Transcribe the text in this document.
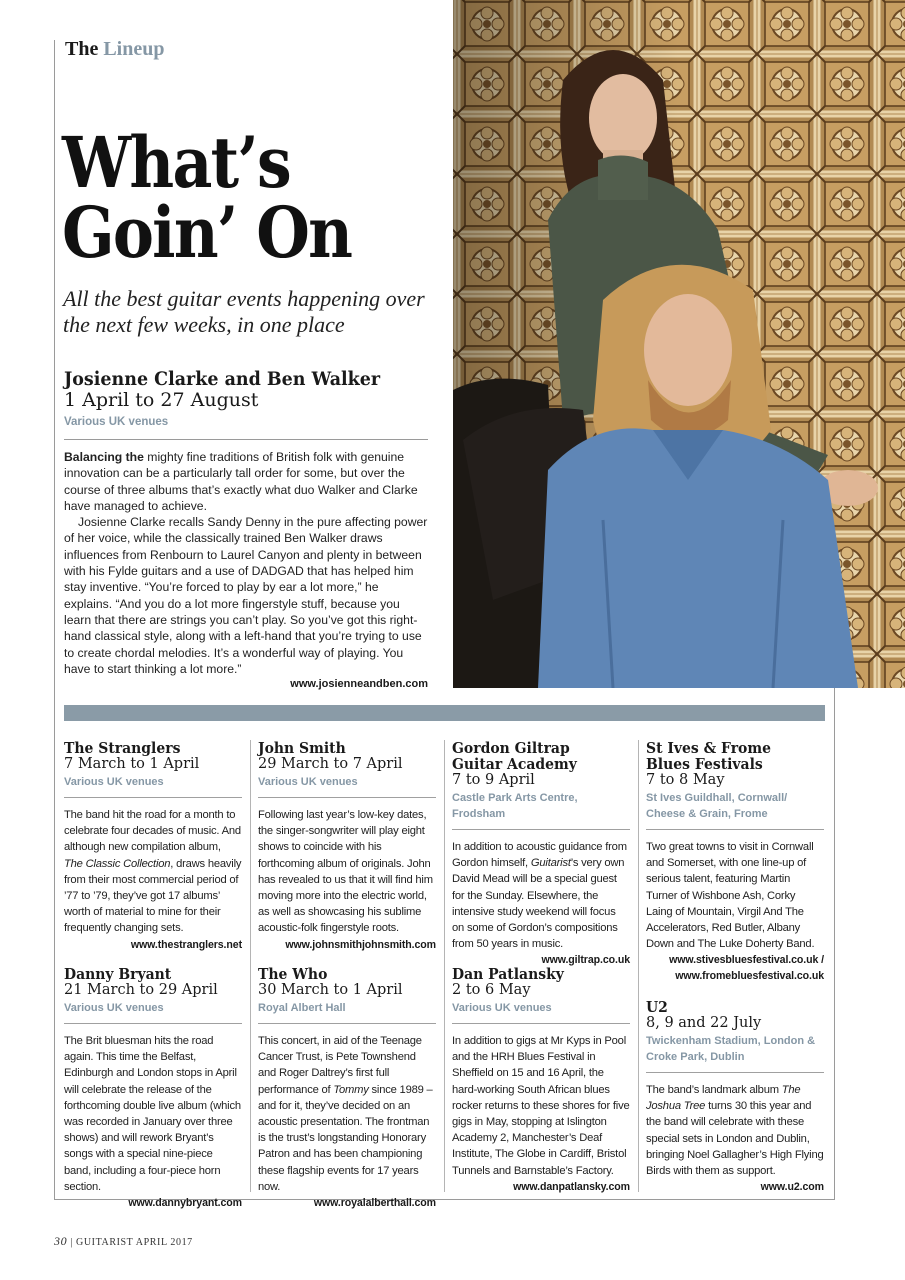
The Lineup
What’s
Goin’ On
All the best guitar events happening over the next few weeks, in one place
Josienne Clarke and Ben Walker
1 April to 27 August
Various UK venues

Balancing the mighty fine traditions of British folk with genuine innovation can be a particularly tall order for some, but over the course of three albums that’s exactly what duo Walker and Clarke have managed to achieve.

Josienne Clarke recalls Sandy Denny in the pure affecting power of her voice, while the classically trained Ben Walker draws influences from Renbourn to Laurel Canyon and plenty in between with his Fylde guitars and a use of DADGAD that has helped him stay inventive. “You’re forced to play by ear a lot more,” he explains. “And you do a lot more fingerstyle stuff, because you learn that there are strings you can’t play. So you’ve got this right-hand classical style, along with a left-hand that you’re trying to use to create chordal melodies. It’s a wonderful way of playing. You have to start thinking a lot more.”

www.josienneandben.com
The Stranglers
7 March to 1 April
Various UK venues
The band hit the road for a month to celebrate four decades of music. And although new compilation album, The Classic Collection, draws heavily from their most commercial period of ’77 to ’79, they’ve got 17 albums’ worth of material to mine for their frequently changing sets.
www.thestranglers.net
John Smith
29 March to 7 April
Various UK venues
Following last year’s low-key dates, the singer-songwriter will play eight shows to coincide with his forthcoming album of originals. John has revealed to us that it will find him moving more into the electric world, as well as showcasing his sublime acoustic-folk fingerstyle roots.
www.johnsmithjohnsmith.com
Gordon Giltrap
Guitar Academy
7 to 9 April
Castle Park Arts Centre, Frodsham
In addition to acoustic guidance from Gordon himself, Guitarist’s very own David Mead will be a special guest for the Sunday. Elsewhere, the intensive study weekend will focus on some of Gordon’s compositions from 50 years in music.
www.giltrap.co.uk
St Ives & Frome
Blues Festivals
7 to 8 May
St Ives Guildhall, Cornwall/ Cheese & Grain, Frome
Two great towns to visit in Cornwall and Somerset, with one line-up of serious talent, featuring Martin Turner of Wishbone Ash, Corky Laing of Mountain, Virgil And The Accelerators, Red Butler, Albany Down and The Luke Doherty Band.
www.stivesbluesfestival.co.uk /
www.fromebluesfestival.co.uk
Danny Bryant
21 March to 29 April
Various UK venues
The Brit bluesman hits the road again. This time the Belfast, Edinburgh and London stops in April will celebrate the release of the forthcoming double live album (which was recorded in January over three shows) and will rework Bryant’s songs with a special nine-piece band, including a four-piece horn section.
www.dannybryant.com
The Who
30 March to 1 April
Royal Albert Hall
This concert, in aid of the Teenage Cancer Trust, is Pete Townshend and Roger Daltrey’s first full performance of Tommy since 1989 – and for it, they’ve decided on an acoustic presentation. The frontman is the trust’s longstanding Honorary Patron and has been championing these flagship events for 17 years now.
www.royalalberthall.com
Dan Patlansky
2 to 6 May
Various UK venues
In addition to gigs at Mr Kyps in Pool and the HRH Blues Festival in Sheffield on 15 and 16 April, the hard-working South African blues rocker returns to these shores for five gigs in May, stopping at Islington Academy 2, Manchester’s Deaf Institute, The Globe in Cardiff, Bristol Tunnels and Barnstable’s Factory.
www.danpatlansky.com
U2
8, 9 and 22 July
Twickenham Stadium, London & Croke Park, Dublin
The band’s landmark album The Joshua Tree turns 30 this year and the band will celebrate with these special sets in London and Dublin, bringing Noel Gallagher’s High Flying Birds with them as support.
www.u2.com
30 | GUITARIST APRIL 2017
